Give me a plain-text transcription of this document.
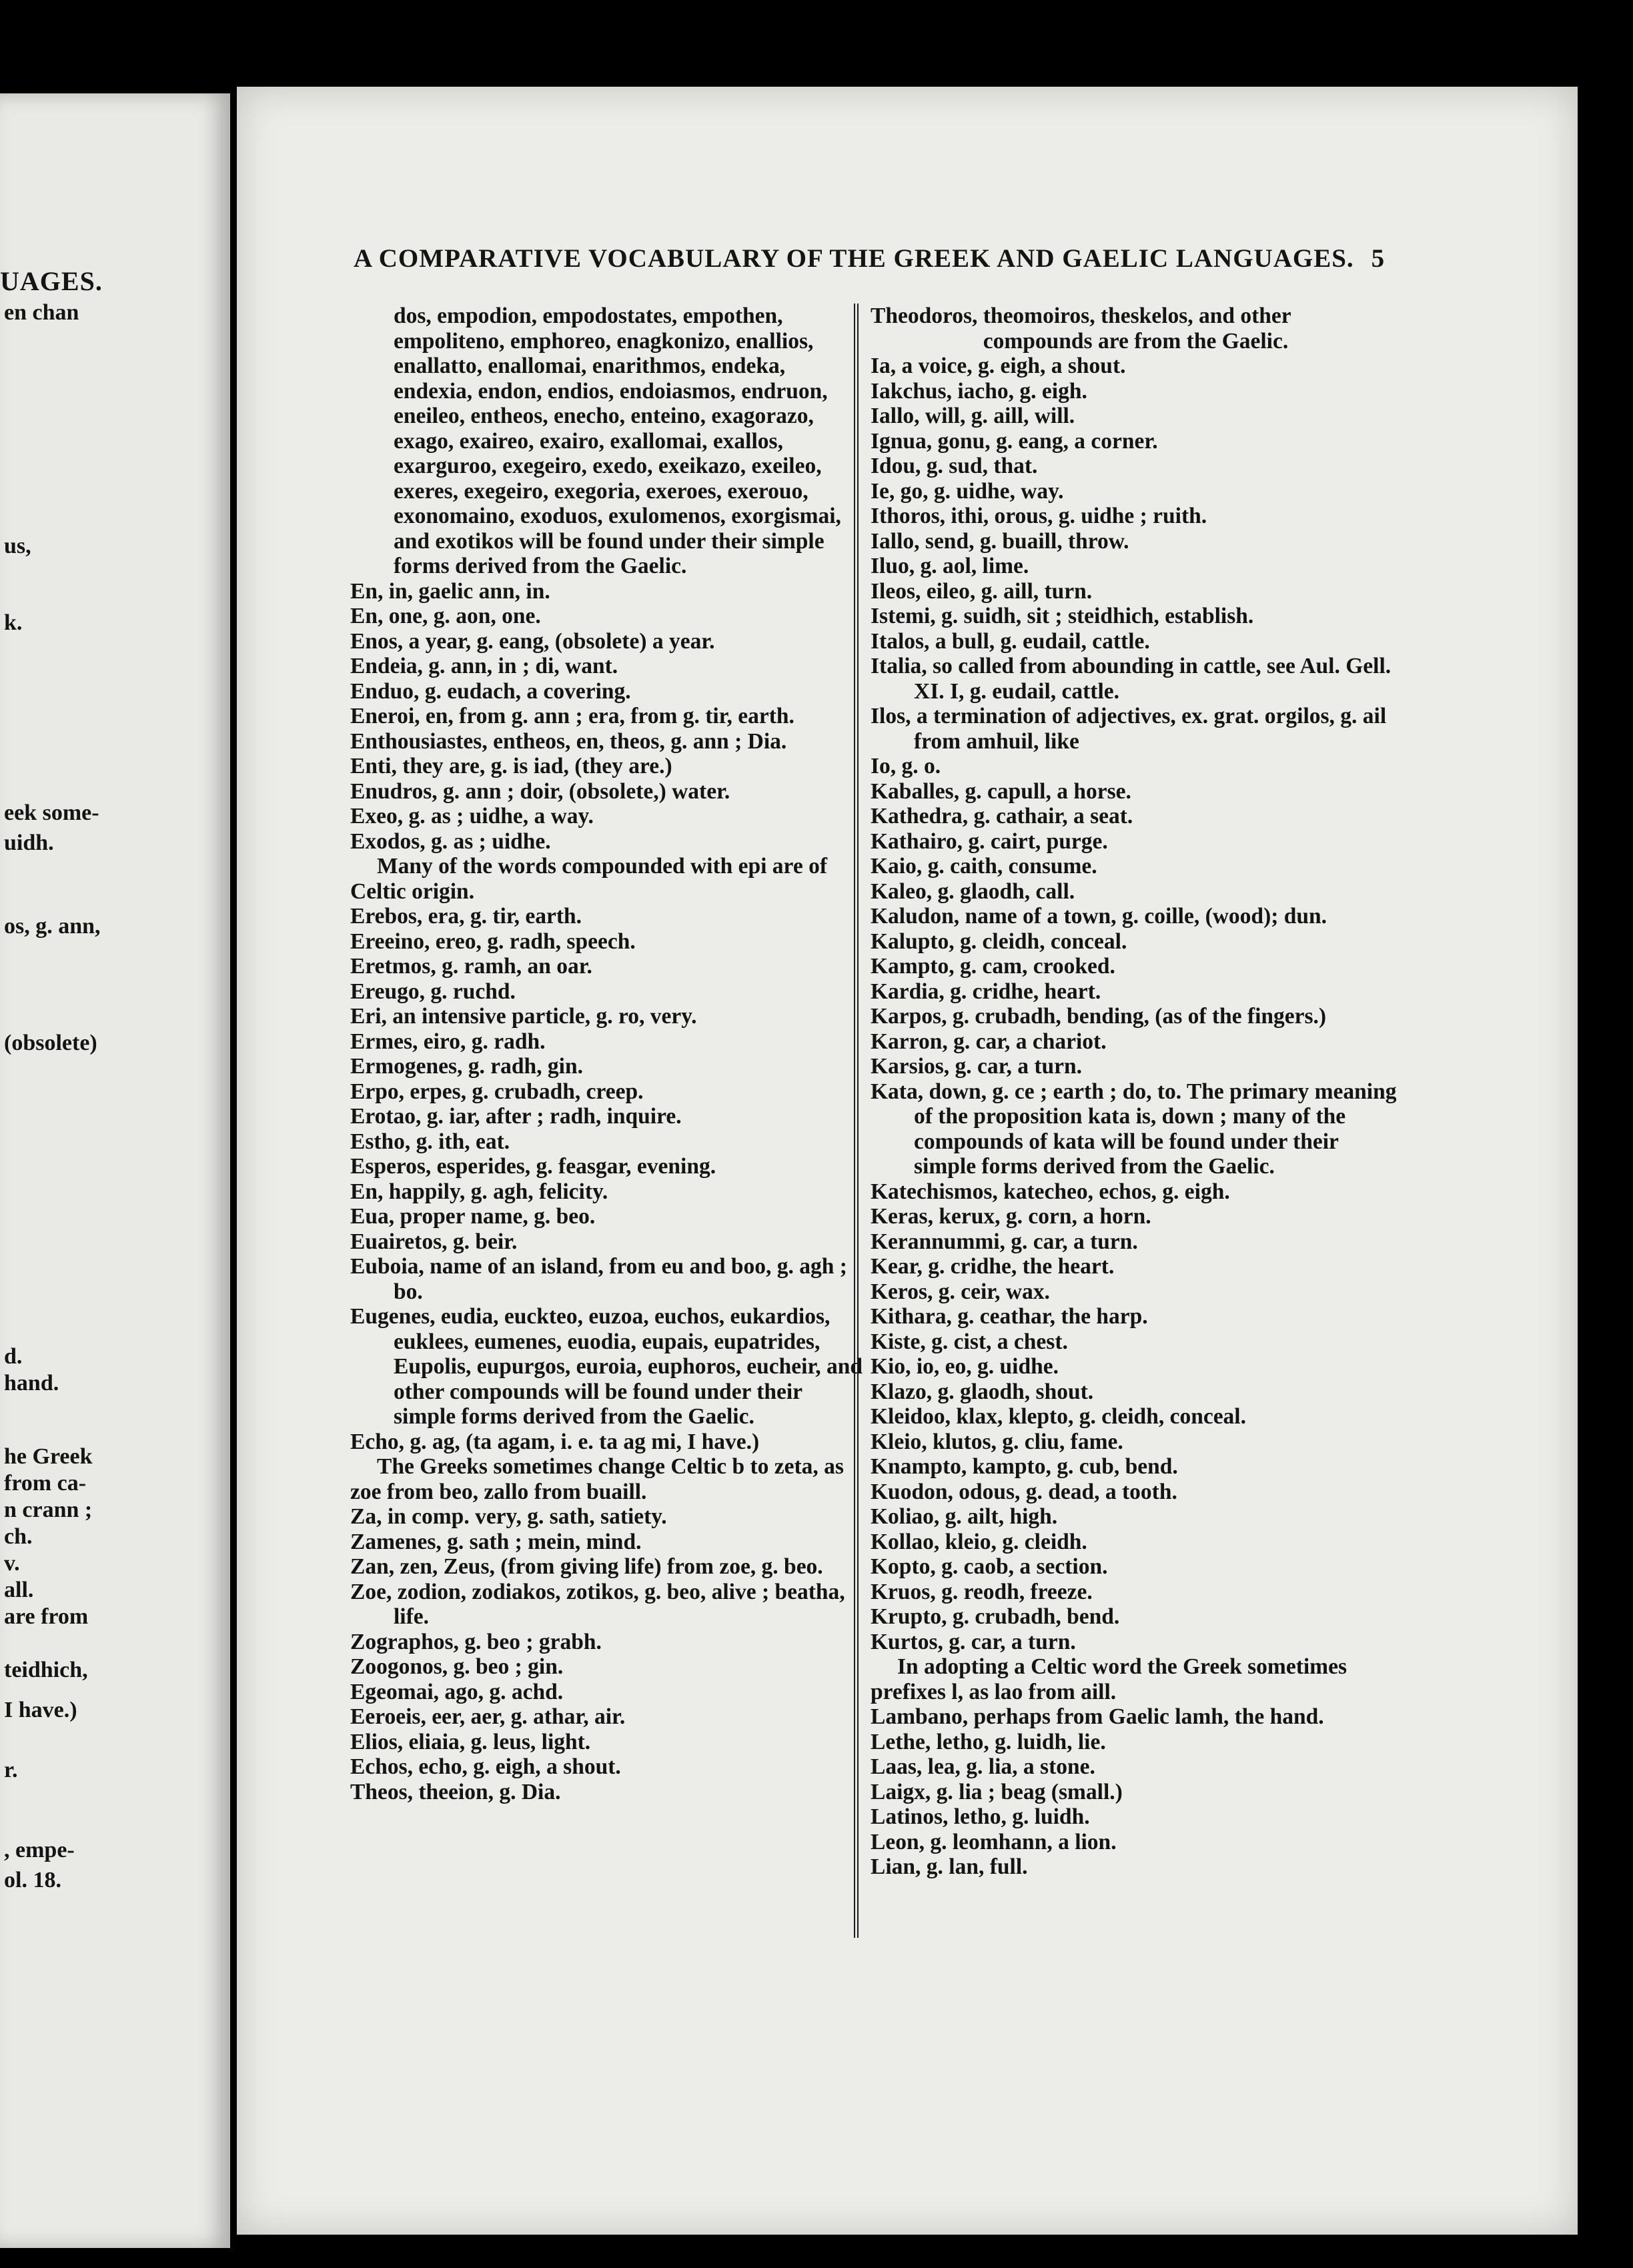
UAGES.

en chan

us,

k.

eek some-

uidh.

os, g. ann,

(obsolete)

d.

hand.

he Greek

from ca-

n crann ;

ch.

v.

all.

are from

teidhich,

I have.)

r.

, empe-

ol. 18.

A COMPARATIVE VOCABULARY OF THE GREEK AND GAELIC LANGUAGES. 5

dos, empodion, empodostates, empothen, empoliteno, emphoreo, enagkonizo, enallios, enallatto, enallomai, enarithmos, endeka, endexia, endon, endios, endoiasmos, endruon, eneileo, entheos, enecho, enteino, exagorazo, exago, exaireo, exairo, exallomai, exallos, exarguroo, exegeiro, exedo, exeikazo, exeileo, exeres, exegeiro, exegoria, exeroes, exerouo, exonomaino, exoduos, exulomenos, exorgismai, and exotikos will be found under their simple forms derived from the Gaelic.

En, in, gaelic ann, in.

En, one, g. aon, one.

Enos, a year, g. eang, (obsolete) a year.

Endeia, g. ann, in ; di, want.

Enduo, g. eudach, a covering.

Eneroi, en, from g. ann ; era, from g. tir, earth.

Enthousiastes, entheos, en, theos, g. ann ; Dia.

Enti, they are, g. is iad, (they are.)

Enudros, g. ann ; doir, (obsolete,) water.

Exeo, g. as ; uidhe, a way.

Exodos, g. as ; uidhe.

Many of the words compounded with epi are of Celtic origin.

Erebos, era, g. tir, earth.

Ereeino, ereo, g. radh, speech.

Eretmos, g. ramh, an oar.

Ereugo, g. ruchd.

Eri, an intensive particle, g. ro, very.

Ermes, eiro, g. radh.

Ermogenes, g. radh, gin.

Erpo, erpes, g. crubadh, creep.

Erotao, g. iar, after ; radh, inquire.

Estho, g. ith, eat.

Esperos, esperides, g. feasgar, evening.

En, happily, g. agh, felicity.

Eua, proper name, g. beo.

Euairetos, g. beir.

Euboia, name of an island, from eu and boo, g. agh ; bo.

Eugenes, eudia, euckteo, euzoa, euchos, eukardios, euklees, eumenes, euodia, eupais, eupatrides, Eupolis, eupurgos, euroia, euphoros, eucheir, and other compounds will be found under their simple forms derived from the Gaelic.

Echo, g. ag, (ta agam, i. e. ta ag mi, I have.)

The Greeks sometimes change Celtic b to zeta, as zoe from beo, zallo from buaill.

Za, in comp. very, g. sath, satiety.

Zamenes, g. sath ; mein, mind.

Zan, zen, Zeus, (from giving life) from zoe, g. beo.

Zoe, zodion, zodiakos, zotikos, g. beo, alive ; beatha, life.

Zographos, g. beo ; grabh.

Zoogonos, g. beo ; gin.

Egeomai, ago, g. achd.

Eeroeis, eer, aer, g. athar, air.

Elios, eliaia, g. leus, light.

Echos, echo, g. eigh, a shout.

Theos, theeion, g. Dia.

Theodoros, theomoiros, theskelos, and other

compounds are from the Gaelic.

Ia, a voice, g. eigh, a shout.

Iakchus, iacho, g. eigh.

Iallo, will, g. aill, will.

Ignua, gonu, g. eang, a corner.

Idou, g. sud, that.

Ie, go, g. uidhe, way.

Ithoros, ithi, orous, g. uidhe ; ruith.

Iallo, send, g. buaill, throw.

Iluo, g. aol, lime.

Ileos, eileo, g. aill, turn.

Istemi, g. suidh, sit ; steidhich, establish.

Italos, a bull, g. eudail, cattle.

Italia, so called from abounding in cattle, see Aul. Gell. XI. I, g. eudail, cattle.

Ilos, a termination of adjectives, ex. grat. orgilos, g. ail from amhuil, like

Io, g. o.

Kaballes, g. capull, a horse.

Kathedra, g. cathair, a seat.

Kathairo, g. cairt, purge.

Kaio, g. caith, consume.

Kaleo, g. glaodh, call.

Kaludon, name of a town, g. coille, (wood); dun.

Kalupto, g. cleidh, conceal.

Kampto, g. cam, crooked.

Kardia, g. cridhe, heart.

Karpos, g. crubadh, bending, (as of the fingers.)

Karron, g. car, a chariot.

Karsios, g. car, a turn.

Kata, down, g. ce ; earth ; do, to. The primary meaning of the proposition kata is, down ; many of the compounds of kata will be found under their simple forms derived from the Gaelic.

Katechismos, katecheo, echos, g. eigh.

Keras, kerux, g. corn, a horn.

Kerannummi, g. car, a turn.

Kear, g. cridhe, the heart.

Keros, g. ceir, wax.

Kithara, g. ceathar, the harp.

Kiste, g. cist, a chest.

Kio, io, eo, g. uidhe.

Klazo, g. glaodh, shout.

Kleidoo, klax, klepto, g. cleidh, conceal.

Kleio, klutos, g. cliu, fame.

Knampto, kampto, g. cub, bend.

Kuodon, odous, g. dead, a tooth.

Koliao, g. ailt, high.

Kollao, kleio, g. cleidh.

Kopto, g. caob, a section.

Kruos, g. reodh, freeze.

Krupto, g. crubadh, bend.

Kurtos, g. car, a turn.

In adopting a Celtic word the Greek sometimes prefixes l, as lao from aill.

Lambano, perhaps from Gaelic lamh, the hand.

Lethe, letho, g. luidh, lie.

Laas, lea, g. lia, a stone.

Laigx, g. lia ; beag (small.)

Latinos, letho, g. luidh.

Leon, g. leomhann, a lion.

Lian, g. lan, full.
